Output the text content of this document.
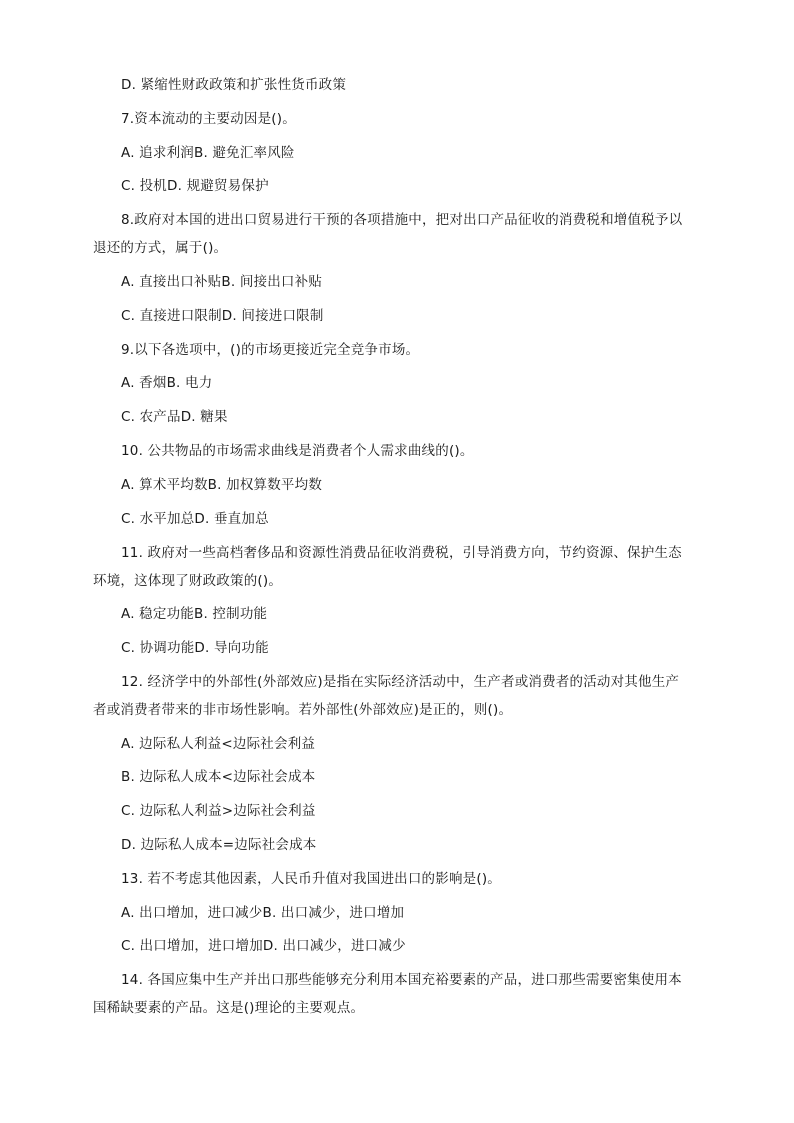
D. 紧缩性财政政策和扩张性货币政策
7.资本流动的主要动因是()。
A. 追求利润B. 避免汇率风险
C. 投机D. 规避贸易保护
8.政府对本国的进出口贸易进行干预的各项措施中，把对出口产品征收的消费税和增值税予以
退还的方式，属于()。
A. 直接出口补贴B. 间接出口补贴
C. 直接进口限制D. 间接进口限制
9.以下各选项中，()的市场更接近完全竞争市场。
A. 香烟B. 电力
C. 农产品D. 糖果
10. 公共物品的市场需求曲线是消费者个人需求曲线的()。
A. 算术平均数B. 加权算数平均数
C. 水平加总D. 垂直加总
11. 政府对一些高档奢侈品和资源性消费品征收消费税，引导消费方向，节约资源、保护生态
环境，这体现了财政政策的()。
A. 稳定功能B. 控制功能
C. 协调功能D. 导向功能
12. 经济学中的外部性(外部效应)是指在实际经济活动中，生产者或消费者的活动对其他生产
者或消费者带来的非市场性影响。若外部性(外部效应)是正的，则()。
A. 边际私人利益<边际社会利益
B. 边际私人成本<边际社会成本
C. 边际私人利益>边际社会利益
D. 边际私人成本=边际社会成本
13. 若不考虑其他因素，人民币升值对我国进出口的影响是()。
A. 出口增加，进口减少B. 出口减少，进口增加
C. 出口增加，进口增加D. 出口减少，进口减少
14. 各国应集中生产并出口那些能够充分利用本国充裕要素的产品，进口那些需要密集使用本
国稀缺要素的产品。这是()理论的主要观点。
